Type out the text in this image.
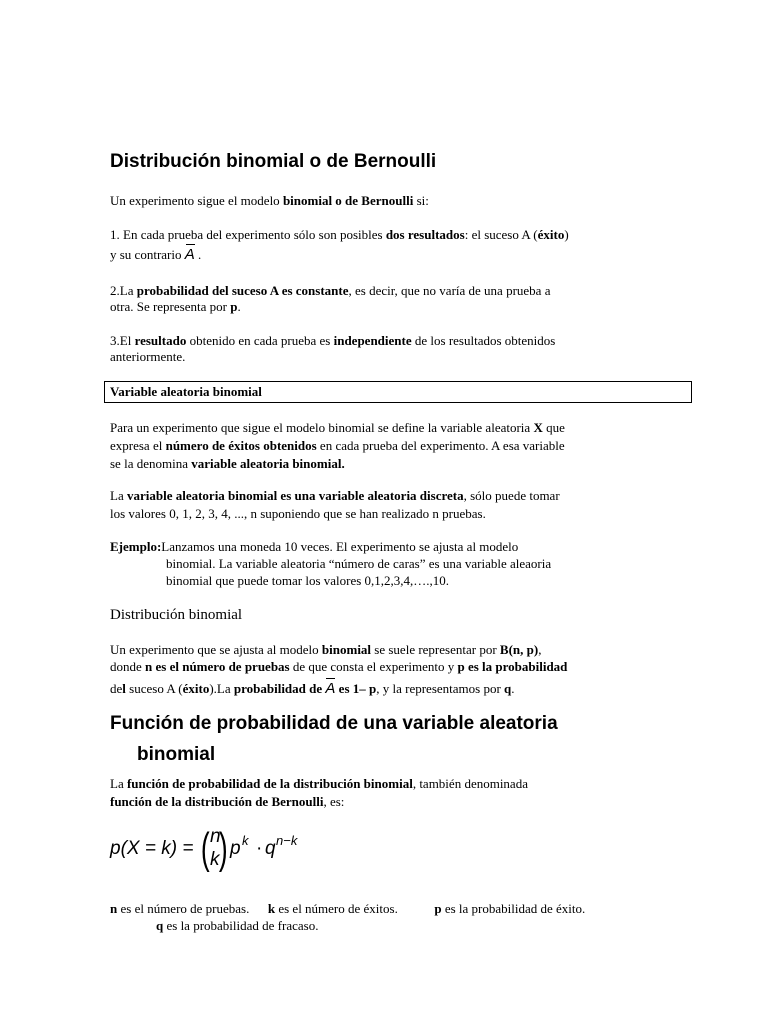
Distribución binomial o de Bernoulli
Un experimento sigue el modelo binomial o de Bernoulli si:
1. En cada prueba del experimento sólo son posibles dos resultados: el suceso A (éxito)
y su contrario A .
2.La probabilidad del suceso A es constante, es decir, que no varía de una prueba a
otra. Se representa por p.
3.El resultado obtenido en cada prueba es independiente de los resultados obtenidos
anteriormente.
Variable aleatoria binomial
Para un experimento que sigue el modelo binomial se define la variable aleatoria X que
expresa el número de éxitos obtenidos en cada prueba del experimento. A esa variable
se la denomina variable aleatoria binomial.
La variable aleatoria binomial es una variable aleatoria discreta, sólo puede tomar
los valores 0, 1, 2, 3, 4, ..., n suponiendo que se han realizado n pruebas.
Ejemplo:Lanzamos una moneda 10 veces. El experimento se ajusta al modelo
binomial. La variable aleatoria “número de caras” es una variable aleaoria
binomial que puede tomar los valores 0,1,2,3,4,….,10.
Distribución binomial
Un experimento que se ajusta al modelo binomial se suele representar por B(n, p),
donde n es el número de pruebas de que consta el experimento y p es la probabilidad
del suceso A (éxito).La probabilidad de A es 1– p, y la representamos por q.
Función de probabilidad de una variable aleatoria
binomial
La función de probabilidad de la distribución binomial, también denominada
función de la distribución de Bernoulli, es:
p(X = k) = ( n
k ) p k · q n−k
n es el número de pruebas. k es el número de éxitos.	p es la probabilidad de éxito.
q es la probabilidad de fracaso.
